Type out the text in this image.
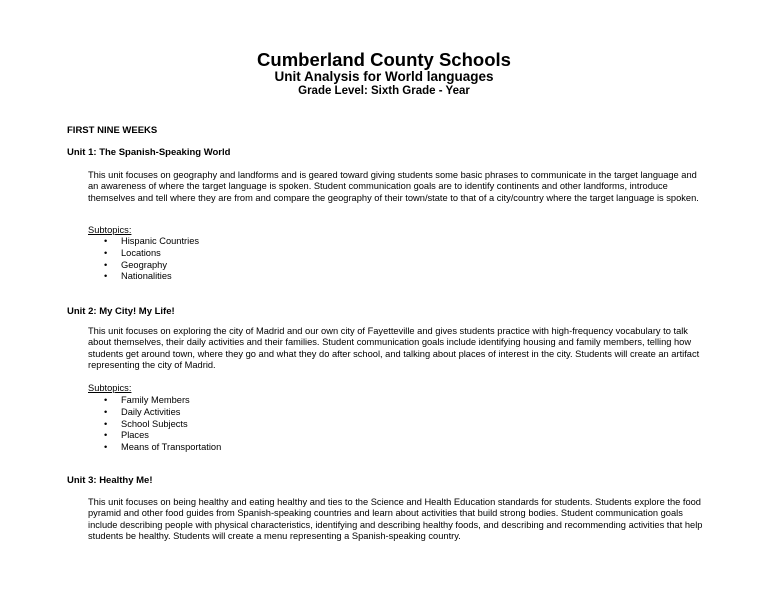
Cumberland County Schools
Unit Analysis for World languages
Grade Level: Sixth Grade - Year
FIRST NINE WEEKS
Unit 1: The Spanish-Speaking World

This unit focuses on geography and landforms and is geared toward giving students some basic phrases to communicate in the target language and an awareness of where the target language is spoken. Student communication goals are to identify continents and other landforms, introduce themselves and tell where they are from and compare the geography of their town/state to that of a city/country where the target language is spoken.

Subtopics:
• Hispanic Countries
• Locations
• Geography
• Nationalities
Unit 2: My City! My Life!

This unit focuses on exploring the city of Madrid and our own city of Fayetteville and gives students practice with high-frequency vocabulary to talk about themselves, their daily activities and their families. Student communication goals include identifying housing and family members, telling how students get around town, where they go and what they do after school, and talking about places of interest in the city. Students will create an artifact representing the city of Madrid.

Subtopics:
• Family Members
• Daily Activities
• School Subjects
• Places
• Means of Transportation
Unit 3: Healthy Me!

This unit focuses on being healthy and eating healthy and ties to the Science and Health Education standards for students. Students explore the food pyramid and other food guides from Spanish-speaking countries and learn about activities that build strong bodies. Student communication goals include describing people with physical characteristics, identifying and describing healthy foods, and describing and recommending activities that help students be healthy. Students will create a menu representing a Spanish-speaking country.
